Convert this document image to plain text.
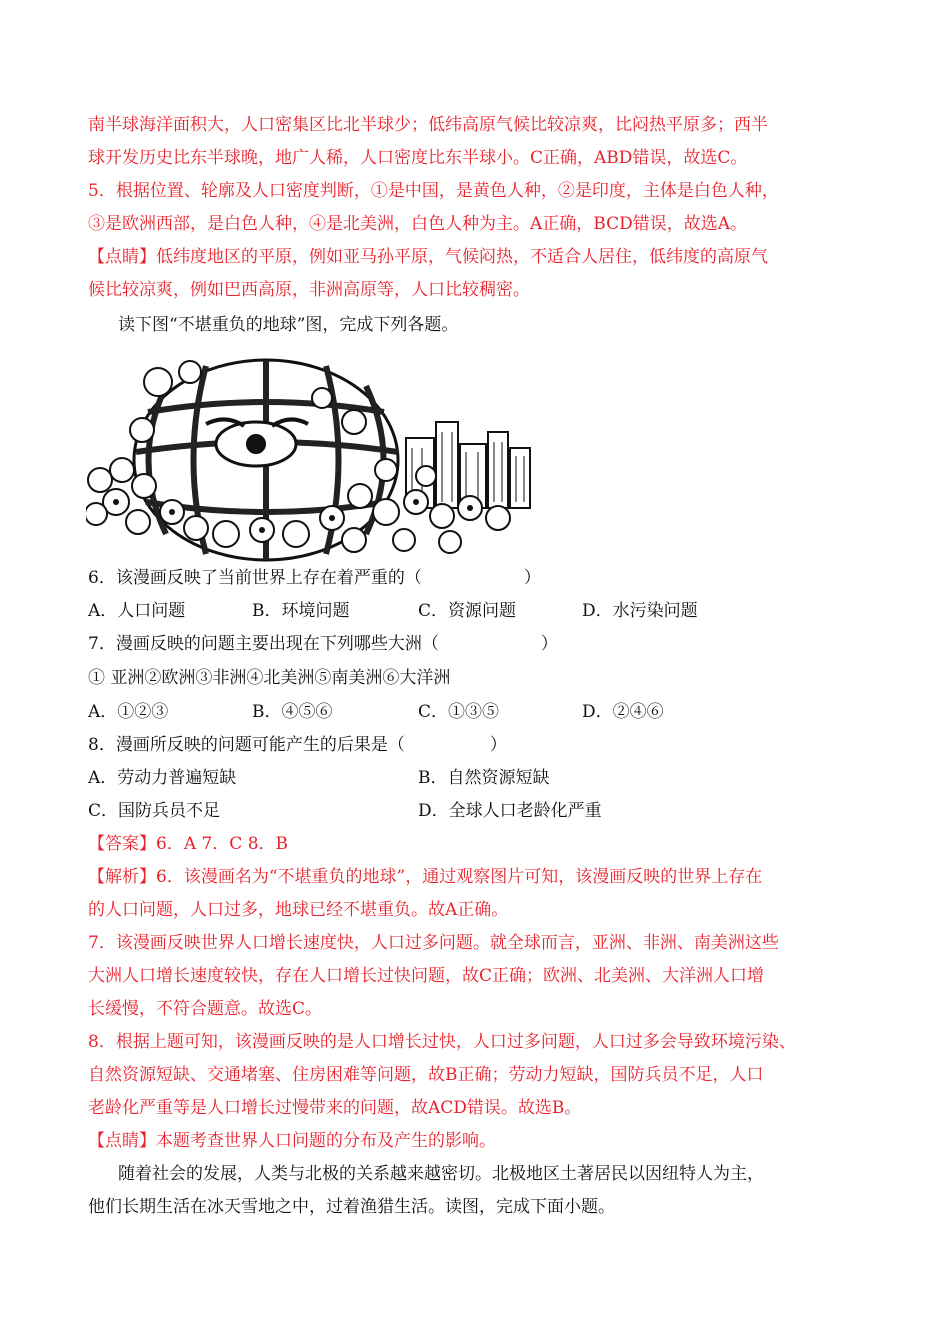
南半球海洋面积大，人口密集区比北半球少；低纬高原气候比较凉爽，比闷热平原多；西半
球开发历史比东半球晚，地广人稀，人口密度比东半球小。C正确，ABD错误，故选C。
5．根据位置、轮廓及人口密度判断，①是中国，是黄色人种，②是印度，主体是白色人种，
③是欧洲西部，是白色人种，④是北美洲，白色人种为主。A正确，BCD错误，故选A。
【点睛】低纬度地区的平原，例如亚马孙平原，气候闷热，不适合人居住，低纬度的高原气
候比较凉爽，例如巴西高原，非洲高原等，人口比较稠密。
读下图“不堪重负的地球”图，完成下列各题。
6．该漫画反映了当前世界上存在着严重的（　　　　　　）
A．人口问题	B．环境问题	C．资源问题	D．水污染问题
7．漫画反映的问题主要出现在下列哪些大洲（　　　　　　）
① 亚洲②欧洲③非洲④北美洲⑤南美洲⑥大洋洲
A．①②③	B．④⑤⑥	C．①③⑤	D．②④⑥
8．漫画所反映的问题可能产生的后果是（　　　　　）
A．劳动力普遍短缺	B．自然资源短缺
C．国防兵员不足	D．全球人口老龄化严重
【答案】6．A 7．C 8．B
【解析】6．该漫画名为“不堪重负的地球”，通过观察图片可知，该漫画反映的世界上存在
的人口问题，人口过多，地球已经不堪重负。故A正确。
7．该漫画反映世界人口增长速度快，人口过多问题。就全球而言，亚洲、非洲、南美洲这些
大洲人口增长速度较快，存在人口增长过快问题，故C正确；欧洲、北美洲、大洋洲人口增
长缓慢，不符合题意。故选C。
8．根据上题可知，该漫画反映的是人口增长过快，人口过多问题，人口过多会导致环境污染、
自然资源短缺、交通堵塞、住房困难等问题，故B正确；劳动力短缺，国防兵员不足，人口
老龄化严重等是人口增长过慢带来的问题，故ACD错误。故选B。
【点睛】本题考查世界人口问题的分布及产生的影响。
随着社会的发展，人类与北极的关系越来越密切。北极地区土著居民以因纽特人为主，
他们长期生活在冰天雪地之中，过着渔猎生活。读图，完成下面小题。
